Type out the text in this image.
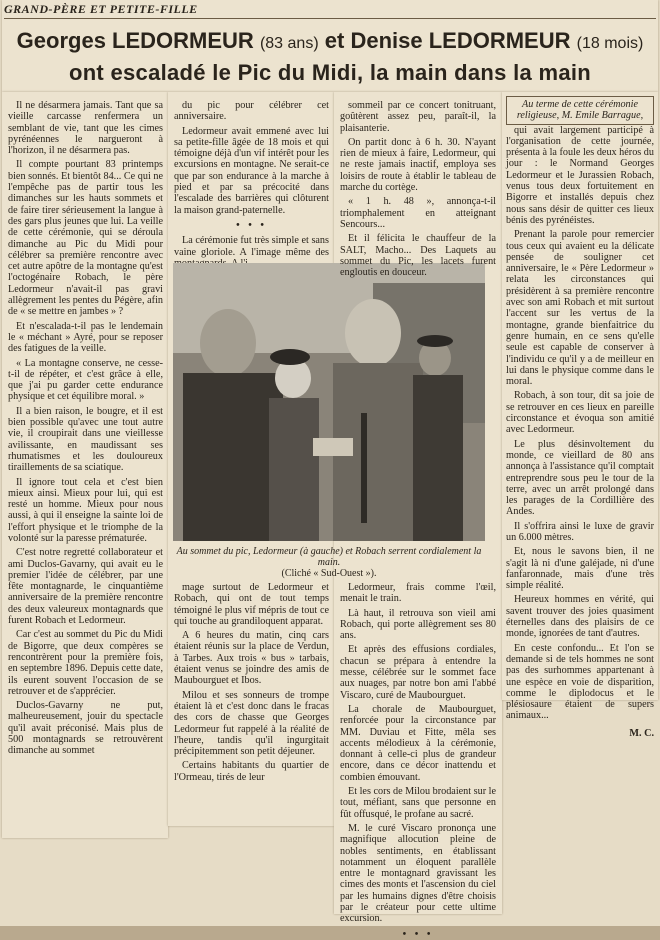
GRAND-PÈRE ET PETITE-FILLE
Georges LEDORMEUR (83 ans) et Denise LEDORMEUR (18 mois)
ont escaladé le Pic du Midi, la main dans la main

Il ne désarmera jamais. Tant que sa vieille carcasse renfermera un semblant de vie, tant que les cimes pyrénéennes le nargueront à l'horizon, il ne désarmera pas.

Il compte pourtant 83 printemps bien sonnés. Et bientôt 84... Ce qui ne l'empêche pas de partir tous les dimanches sur les hauts sommets et de faire tirer sérieusement la langue à des gars plus jeunes que lui. La veille de cette cérémonie, qui se déroula dimanche au Pic du Midi pour célébrer sa première rencontre avec cet autre apôtre de la montagne qu'est l'octogénaire Robach, le père Ledormeur n'avait-il pas gravi allègrement les pentes du Pégère, afin de « se mettre en jambes » ?

Et n'escalada-t-il pas le lendemain le « méchant » Ayré, pour se reposer des fatigues de la veille.

« La montagne conserve, ne cesse-t-il de répéter, et c'est grâce à elle, que j'ai pu garder cette endurance physique et cet équilibre moral. »

Il a bien raison, le bougre, et il est bien possible qu'avec une tout autre vie, il croupirait dans une vieillesse avilissante, en maudissant ses rhumatismes et les douloureux tiraillements de sa sciatique.

Il ignore tout cela et c'est bien mieux ainsi. Mieux pour lui, qui est resté un homme. Mieux pour nous aussi, à qui il enseigne la sainte loi de l'effort physique et le triomphe de la volonté sur la paresse prématurée.

C'est notre regretté collaborateur et ami Duclos-Gavarny, qui avait eu le premier l'idée de célébrer, par une fête montagnarde, le cinquantième anniversaire de la première rencontre des deux valeureux montagnards que furent Robach et Ledormeur.

Car c'est au sommet du Pic du Midi de Bigorre, que deux compères se rencontrèrent pour la première fois, en septembre 1896. Depuis cette date, ils eurent souvent l'occasion de se retrouver et de s'apprécier.

Duclos-Gavarny ne put, malheureusement, jouir du spectacle qu'il avait préconisé. Mais plus de 500 montagnards se retrouvèrent dimanche au sommet

du pic pour célébrer cet anniversaire.

Ledormeur avait emmené avec lui sa petite-fille âgée de 18 mois et qui témoigne déjà d'un vif intérêt pour les excursions en montagne. Ne serait-ce que par son endurance à la marche à pied et par sa précocité dans l'escalade des barrières qui clôturent la maison grand-paternelle.

• • •

La cérémonie fut très simple et sans vaine gloriole. A l'image même des

Au sommet du pic, Ledormeur (à gauche) et Robach serrent cordialement la main.
(Cliché « Sud-Ouest »).

mage surtout de Ledormeur et Robach, qui ont de tout temps témoigné le plus vif mépris de tout ce qui touche au grandiloquent apparat.

A 6 heures du matin, cinq cars étaient réunis sur la place de Verdun, à Tarbes. Aux trois « bus » tarbais, étaient venus se joindre des amis de Maubourguet et Ibos.

Milou et ses sonneurs de trompe étaient là et c'est donc dans le fracas des cors de chasse que Georges Ledormeur fut rappelé à la réalité de l'heure, tandis qu'il ingurgitait précipitemment son petit déjeuner.

Certains habitants du quartier de l'Ormeau, tirés de leur

sommeil par ce concert tonitruant, goûtèrent assez peu, paraît-il, la plaisanterie.

On partit donc à 6 h. 30. N'ayant rien de mieux à faire, Ledormeur, qui ne reste jamais inactif, employa ses loisirs de route à établir le tableau de marche du cortège.

« 1 h. 48 », annonça-t-il triomphalement en atteignant Sencours...

Et il félicita le chauffeur de la SALT, Macho... Des Laquets au sommet du Pic, les lacets furent engloutis en douceur.

Ledormeur, frais comme l'œil, menait le train.

Là haut, il retrouva son vieil ami Robach, qui porte allègrement ses 80 ans.

Et après des effusions cordiales, chacun se prépara à entendre la messe, célébrée sur le sommet face aux nuages, par notre bon ami l'abbé Viscaro, curé de Maubourguet.

La chorale de Maubourguet, renforcée pour la circonstance par MM. Duviau et Fitte, mêla ses accents mélodieux à la cérémonie, donnant à celle-ci plus de grandeur encore, dans ce décor inattendu et combien émouvant.

Et les cors de Milou brodaient sur le tout, méfiant, sans que personne en fût offusqué, le profane au sacré.

M. le curé Viscaro prononça une magnifique allocution pleine de nobles sentiments, en établissant notamment un éloquent parallèle entre le montagnard gravissant les cimes des monts et l'ascension du ciel par les humains dignes d'être choisis par le créateur pour cette ultime excursion.

• • •
Au terme de cette cérémonie religieuse, M. Emile Barrague,

qui avait largement participé à l'organisation de cette journée, présenta à la foule les deux héros du jour : le Normand Georges Ledormeur et le Jurassien Robach, venus tous deux fortuitement en Bigorre et installés depuis chez nous sans désir de quitter ces lieux bénis des pyrénéistes.

Prenant la parole pour remercier tous ceux qui avaient eu la délicate pensée de souligner cet anniversaire, le « Père Ledormeur » relata les circonstances qui présidèrent à sa première rencontre avec son ami Robach et mit surtout l'accent sur les vertus de la montagne, grande bienfaitrice du genre humain, en ce sens qu'elle seule est capable de conserver à l'individu ce qu'il y a de meilleur en lui dans le physique comme dans le moral.

Robach, à son tour, dit sa joie de se retrouver en ces lieux en pareille circonstance et évoqua son amitié avec Ledormeur.

Le plus désinvoltement du monde, ce vieillard de 80 ans annonça à l'assistance qu'il comptait entreprendre sous peu le tour de la terre, avec un arrêt prolongé dans les parages de la Cordillière des Andes.

Il s'offrira ainsi le luxe de gravir un 6.000 mètres.

Et, nous le savons bien, il ne s'agit là ni d'une galéjade, ni d'une fanfaronnade, mais d'une très simple réalité.

Heureux hommes en vérité, qui savent trouver des joies quasiment éternelles dans des plaisirs de ce monde, ignorées de tant d'autres.

En ceste confondu... Et l'on se demande si de tels hommes ne sont pas des surhommes appartenant à une espèce en voie de disparition, comme le diplodocus et le plésiosaure étaient de supers animaux...

M. C.
